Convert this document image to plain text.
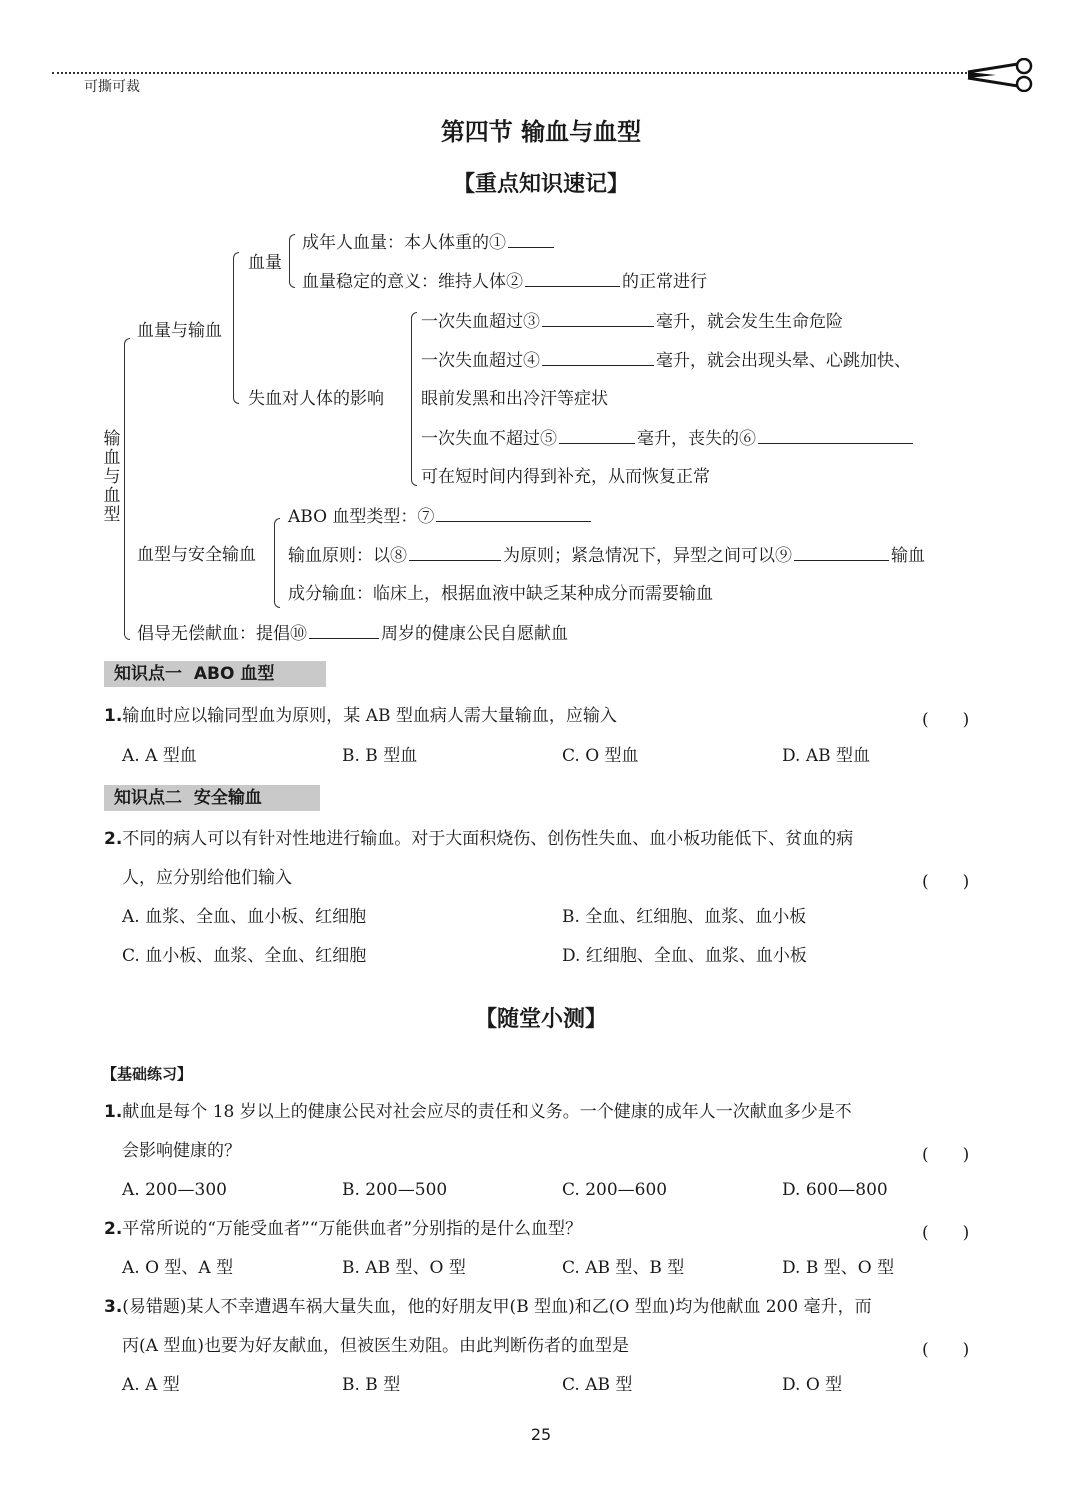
可撕可裁
第四节 输血与血型
【重点知识速记】
输
血
与
血
型
血量与输血
血量
成年人血量：本人体重的①
血量稳定的意义：维持人体②	的正常进行
失血对人体的影响
一次失血超过③	毫升，就会发生生命危险
一次失血超过④	毫升，就会出现头晕、心跳加快、
眼前发黑和出冷汗等症状
一次失血不超过⑤	毫升，丧失的⑥
可在短时间内得到补充，从而恢复正常
血型与安全输血
ABO 血型类型：⑦
输血原则：以⑧	为原则；紧急情况下，异型之间可以⑨	输血
成分输血：临床上，根据血液中缺乏某种成分而需要输血
倡导无偿献血：提倡⑩	周岁的健康公民自愿献血
知识点一  ABO 血型
1.输血时应以输同型血为原则，某 AB 型血病人需大量输血，应输入	(　　)
A. A 型血	B. B 型血	C. O 型血	D. AB 型血
知识点二  安全输血
2.不同的病人可以有针对性地进行输血。对于大面积烧伤、创伤性失血、血小板功能低下、贫血的病
人，应分别给他们输入	(　　)
A. 血浆、全血、血小板、红细胞	B. 全血、红细胞、血浆、血小板
C. 血小板、血浆、全血、红细胞	D. 红细胞、全血、血浆、血小板
【随堂小测】
【基础练习】
1.献血是每个 18 岁以上的健康公民对社会应尽的责任和义务。一个健康的成年人一次献血多少是不
会影响健康的？	(　　)
A. 200—300	B. 200—500	C. 200—600	D. 600—800
2.平常所说的“万能受血者”“万能供血者”分别指的是什么血型？	(　　)
A. O 型、A 型	B. AB 型、O 型	C. AB 型、B 型	D. B 型、O 型
3.(易错题)某人不幸遭遇车祸大量失血，他的好朋友甲(B 型血)和乙(O 型血)均为他献血 200 毫升，而
丙(A 型血)也要为好友献血，但被医生劝阻。由此判断伤者的血型是	(　　)
A. A 型	B. B 型	C. AB 型	D. O 型
25
